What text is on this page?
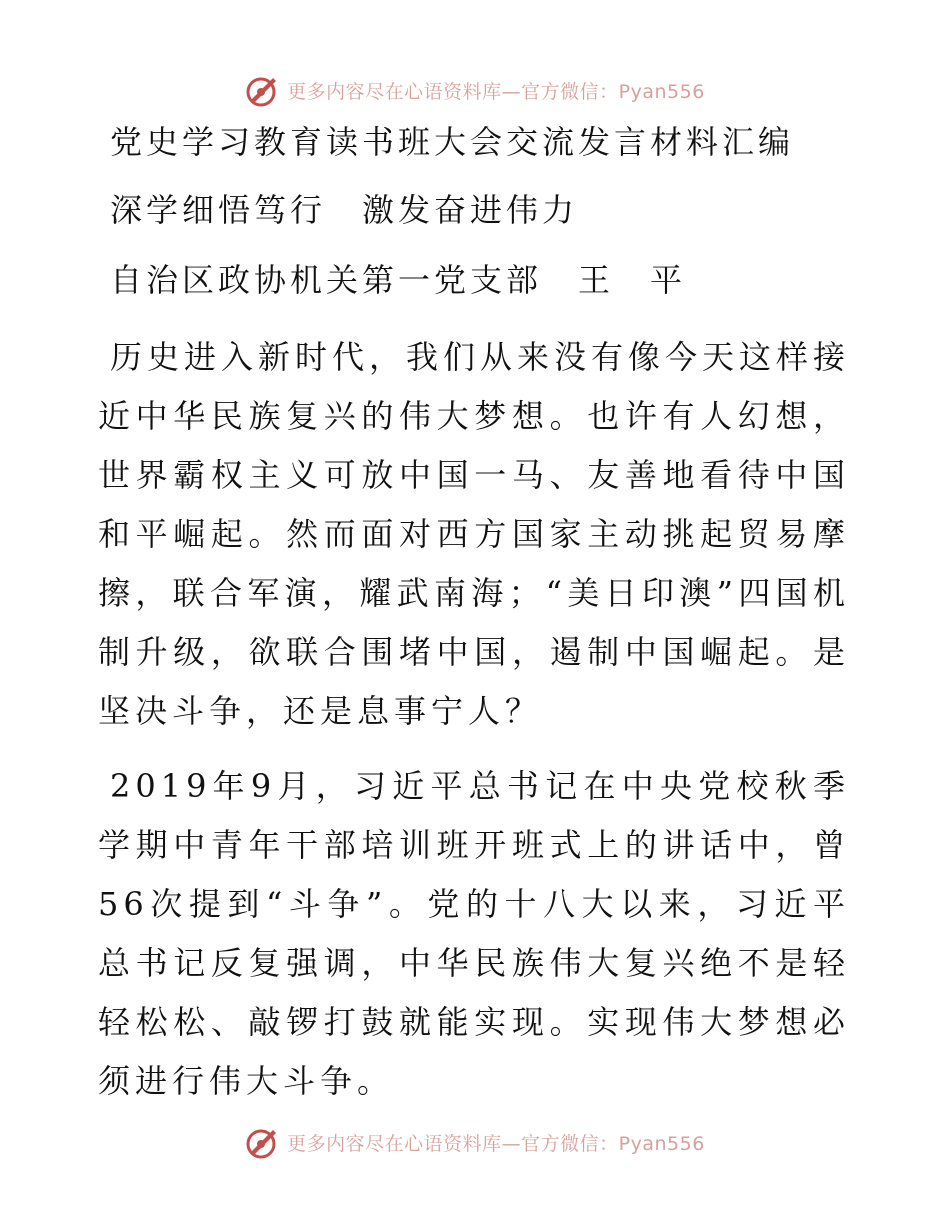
更多内容尽在心语资料库—官方微信：Pyan556

党史学习教育读书班大会交流发言材料汇编

深学细悟笃行　激发奋进伟力

自治区政协机关第一党支部　王　平

历史进入新时代，我们从来没有像今天这样接近中华民族复兴的伟大梦想。也许有人幻想，世界霸权主义可放中国一马、友善地看待中国和平崛起。然而面对西方国家主动挑起贸易摩擦，联合军演，耀武南海；“美日印澳”四国机制升级，欲联合围堵中国，遏制中国崛起。是坚决斗争，还是息事宁人？

2019年9月，习近平总书记在中央党校秋季学期中青年干部培训班开班式上的讲话中，曾56次提到“斗争”。党的十八大以来，习近平总书记反复强调，中华民族伟大复兴绝不是轻轻松松、敲锣打鼓就能实现。实现伟大梦想必须进行伟大斗争。

更多内容尽在心语资料库—官方微信：Pyan556
